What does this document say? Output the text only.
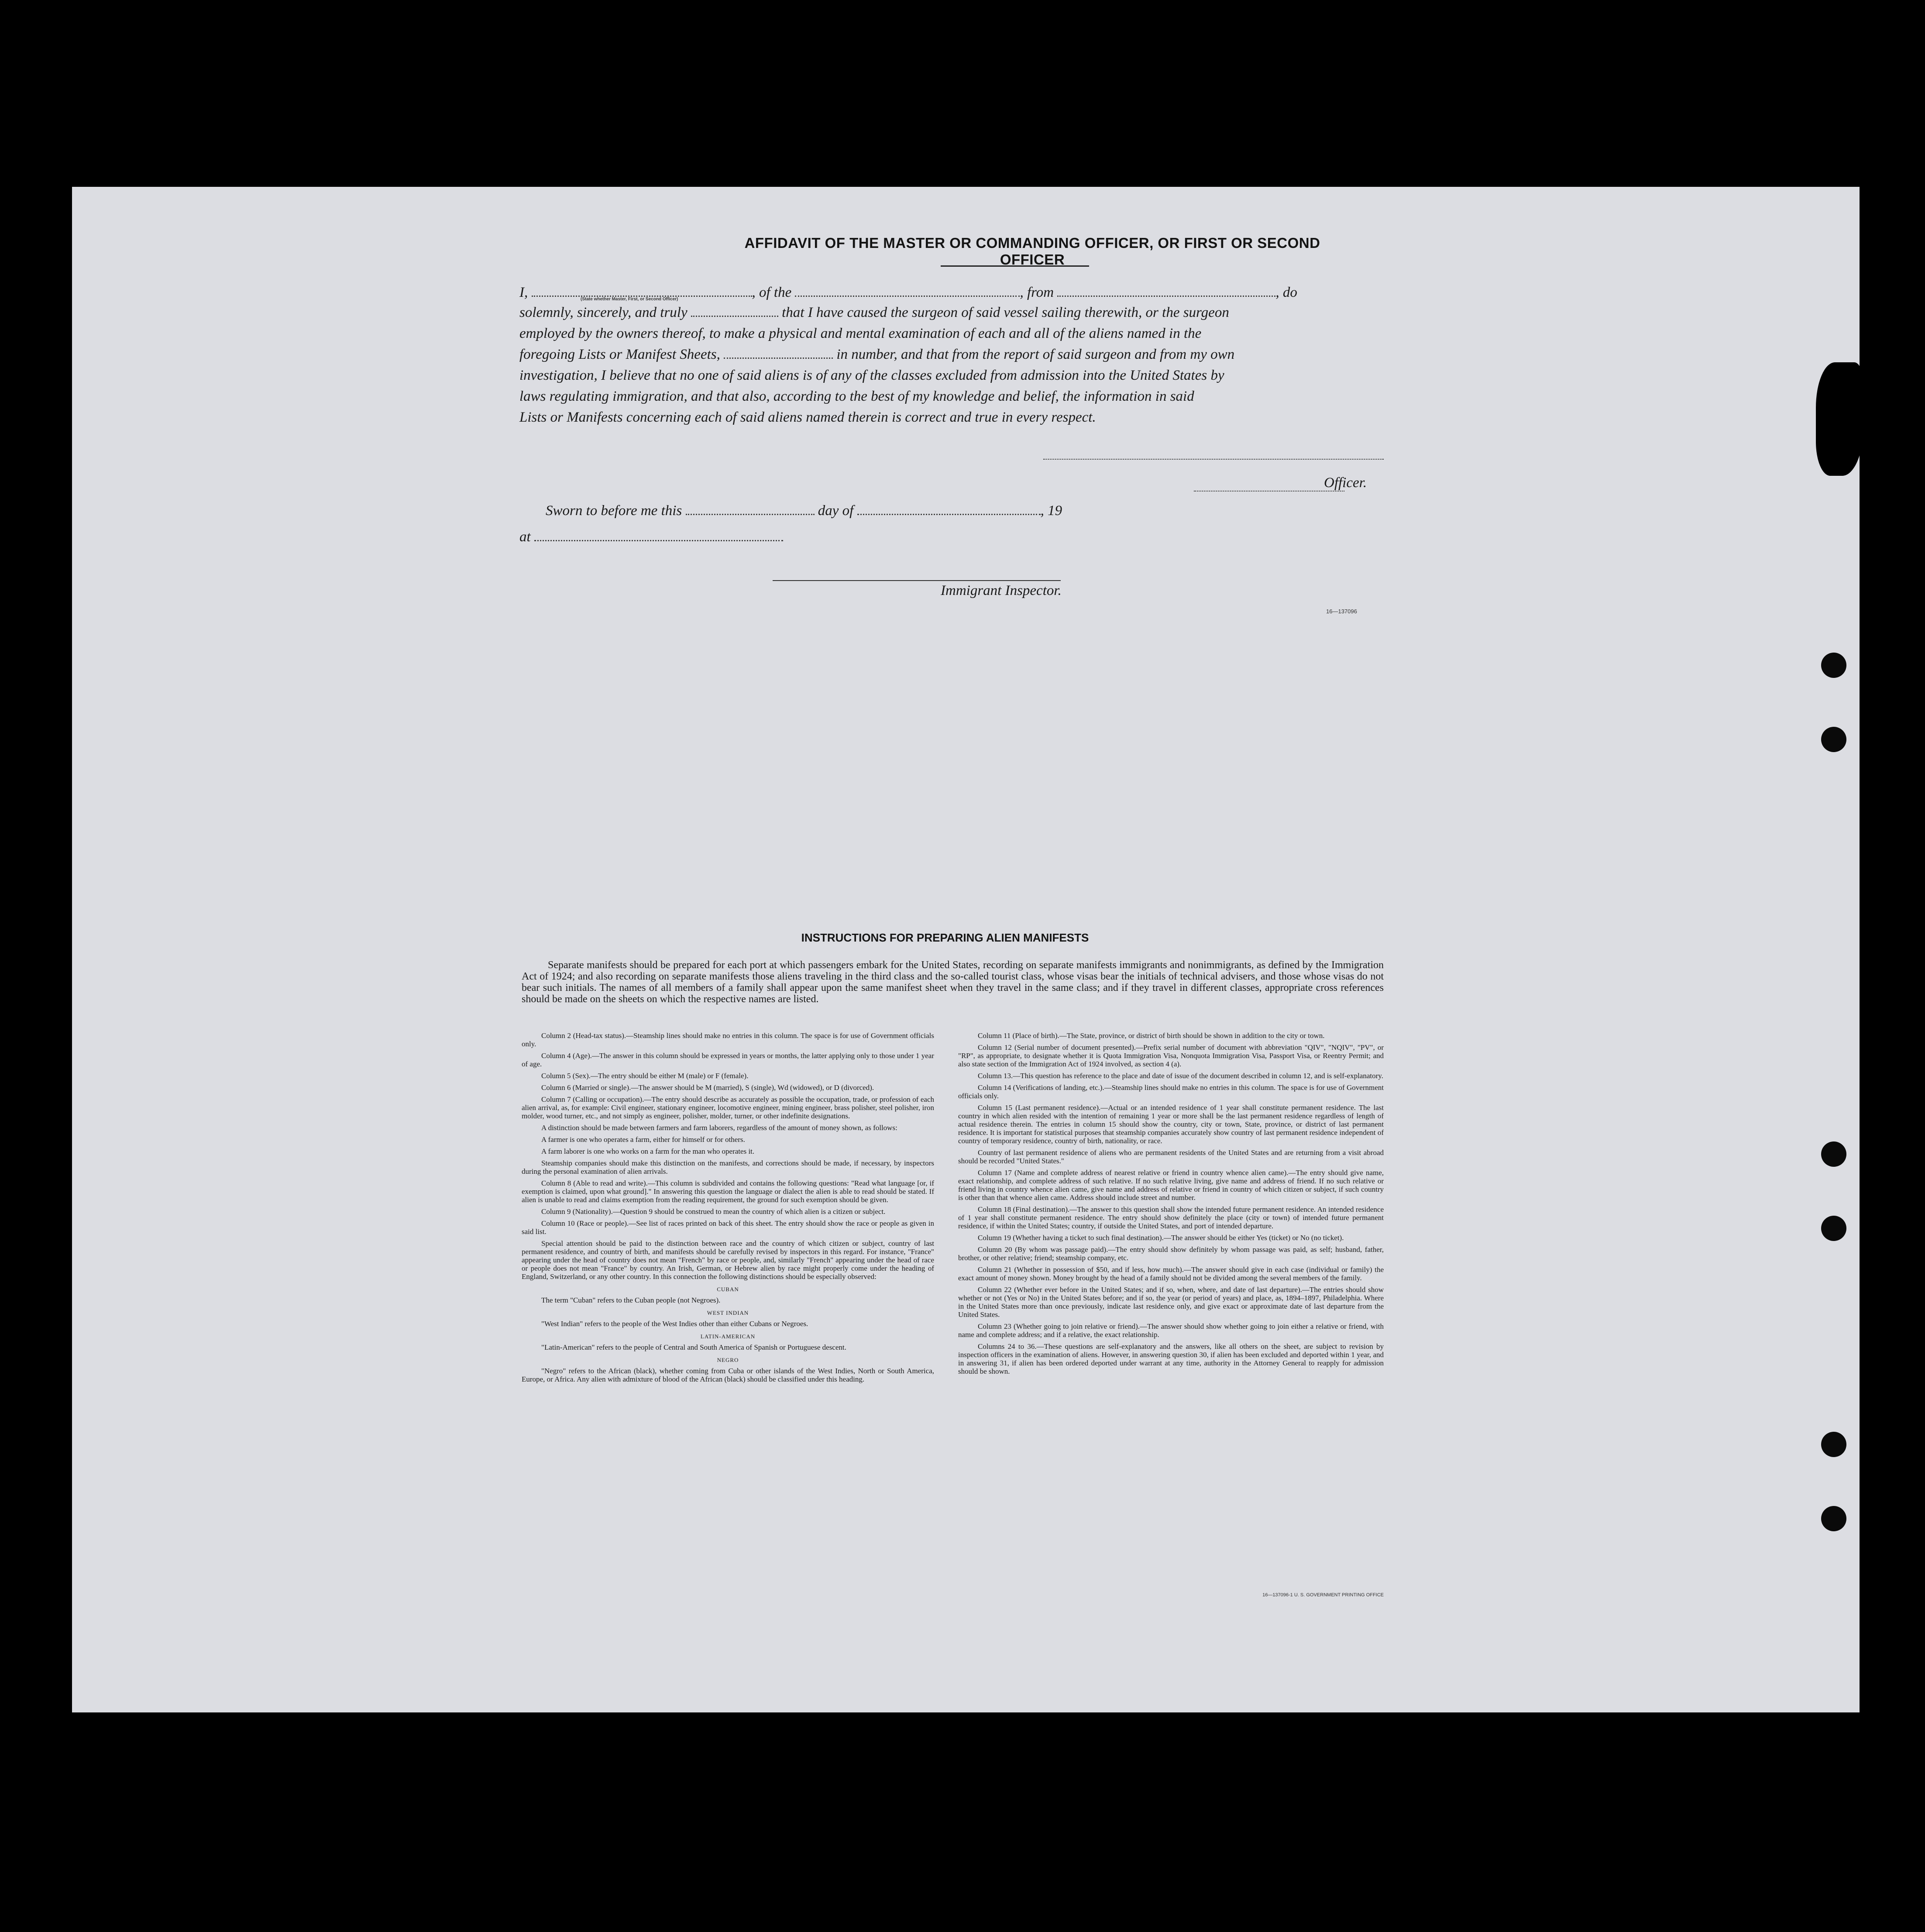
AFFIDAVIT OF THE MASTER OR COMMANDING OFFICER, OR FIRST OR SECOND OFFICER
I,	, of the	, from	, do
(State whether Master, First, or Second Officer)
solemnly, sincerely, and truly	that I have caused the surgeon of said vessel sailing therewith, or the surgeon
employed by the owners thereof, to make a physical and mental examination of each and all of the aliens named in the
foregoing Lists or Manifest Sheets,	in number, and that from the report of said surgeon and from my own
investigation, I believe that no one of said aliens is of any of the classes excluded from admission into the United States by
laws regulating immigration, and that also, according to the best of my knowledge and belief, the information in said
Lists or Manifests concerning each of said aliens named therein is correct and true in every respect.
Officer.
Sworn to before me this	day of	, 19
at
Immigrant Inspector.
16—137096
INSTRUCTIONS FOR PREPARING ALIEN MANIFESTS
Separate manifests should be prepared for each port at which passengers embark for the United States, recording on separate manifests immigrants and nonimmigrants, as defined by the Immigration Act of 1924; and also recording on separate manifests those aliens traveling in the third class and the so-called tourist class, whose visas bear the initials of technical advisers, and those whose visas do not bear such initials. The names of all members of a family shall appear upon the same manifest sheet when they travel in the same class; and if they travel in different classes, appropriate cross references should be made on the sheets on which the respective names are listed.

Column 2 (Head-tax status).—Steamship lines should make no entries in this column. The space is for use of Government officials only.

Column 4 (Age).—The answer in this column should be expressed in years or months, the latter applying only to those under 1 year of age.

Column 5 (Sex).—The entry should be either M (male) or F (female).

Column 6 (Married or single).—The answer should be M (married), S (single), Wd (widowed), or D (divorced).

Column 7 (Calling or occupation).—The entry should describe as accurately as possible the occupation, trade, or profession of each alien arrival, as, for example: Civil engineer, stationary engineer, locomotive engineer, mining engineer, brass polisher, steel polisher, iron molder, wood turner, etc., and not simply as engineer, polisher, molder, turner, or other indefinite designations.

A distinction should be made between farmers and farm laborers, regardless of the amount of money shown, as follows:

A farmer is one who operates a farm, either for himself or for others.

A farm laborer is one who works on a farm for the man who operates it.

Steamship companies should make this distinction on the manifests, and corrections should be made, if necessary, by inspectors during the personal examination of alien arrivals.

Column 8 (Able to read and write).—This column is subdivided and contains the following questions: "Read what language [or, if exemption is claimed, upon what ground]." In answering this question the language or dialect the alien is able to read should be stated. If alien is unable to read and claims exemption from the reading requirement, the ground for such exemption should be given.

Column 9 (Nationality).—Question 9 should be construed to mean the country of which alien is a citizen or subject.

Column 10 (Race or people).—See list of races printed on back of this sheet. The entry should show the race or people as given in said list.

Special attention should be paid to the distinction between race and the country of which citizen or subject, country of last permanent residence, and country of birth, and manifests should be carefully revised by inspectors in this regard. For instance, "France" appearing under the head of country does not mean "French" by race or people, and, similarly "French" appearing under the head of race or people does not mean "France" by country. An Irish, German, or Hebrew alien by race might properly come under the heading of England, Switzerland, or any other country. In this connection the following distinctions should be especially observed:

CUBAN

The term "Cuban" refers to the Cuban people (not Negroes).

WEST INDIAN

"West Indian" refers to the people of the West Indies other than either Cubans or Negroes.

LATIN-AMERICAN

"Latin-American" refers to the people of Central and South America of Spanish or Portuguese descent.

NEGRO

"Negro" refers to the African (black), whether coming from Cuba or other islands of the West Indies, North or South America, Europe, or Africa. Any alien with admixture of blood of the African (black) should be classified under this heading.

Column 11 (Place of birth).—The State, province, or district of birth should be shown in addition to the city or town.

Column 12 (Serial number of document presented).—Prefix serial number of document with abbreviation "QIV", "NQIV", "PV", or "RP", as appropriate, to designate whether it is Quota Immigration Visa, Nonquota Immigration Visa, Passport Visa, or Reentry Permit; and also state section of the Immigration Act of 1924 involved, as section 4 (a).

Column 13.—This question has reference to the place and date of issue of the document described in column 12, and is self-explanatory.

Column 14 (Verifications of landing, etc.).—Steamship lines should make no entries in this column. The space is for use of Government officials only.

Column 15 (Last permanent residence).—Actual or an intended residence of 1 year shall constitute permanent residence. The last country in which alien resided with the intention of remaining 1 year or more shall be the last permanent residence regardless of length of actual residence therein. The entries in column 15 should show the country, city or town, State, province, or district of last permanent residence. It is important for statistical purposes that steamship companies accurately show country of last permanent residence independent of country of temporary residence, country of birth, nationality, or race.

Country of last permanent residence of aliens who are permanent residents of the United States and are returning from a visit abroad should be recorded "United States."

Column 17 (Name and complete address of nearest relative or friend in country whence alien came).—The entry should give name, exact relationship, and complete address of such relative. If no such relative living, give name and address of friend. If no such relative or friend living in country whence alien came, give name and address of relative or friend in country of which citizen or subject, if such country is other than that whence alien came. Address should include street and number.

Column 18 (Final destination).—The answer to this question shall show the intended future permanent residence. An intended residence of 1 year shall constitute permanent residence. The entry should show definitely the place (city or town) of intended future permanent residence, if within the United States; country, if outside the United States, and port of intended departure.

Column 19 (Whether having a ticket to such final destination).—The answer should be either Yes (ticket) or No (no ticket).

Column 20 (By whom was passage paid).—The entry should show definitely by whom passage was paid, as self; husband, father, brother, or other relative; friend; steamship company, etc.

Column 21 (Whether in possession of $50, and if less, how much).—The answer should give in each case (individual or family) the exact amount of money shown. Money brought by the head of a family should not be divided among the several members of the family.

Column 22 (Whether ever before in the United States; and if so, when, where, and date of last departure).—The entries should show whether or not (Yes or No) in the United States before; and if so, the year (or period of years) and place, as, 1894–1897, Philadelphia. Where in the United States more than once previously, indicate last residence only, and give exact or approximate date of last departure from the United States.

Column 23 (Whether going to join relative or friend).—The answer should show whether going to join either a relative or friend, with name and complete address; and if a relative, the exact relationship.

Columns 24 to 36.—These questions are self-explanatory and the answers, like all others on the sheet, are subject to revision by inspection officers in the examination of aliens. However, in answering question 30, if alien has been excluded and deported within 1 year, and in answering 31, if alien has been ordered deported under warrant at any time, authority in the Attorney General to reapply for admission should be shown.

16—137096-1 U. S. GOVERNMENT PRINTING OFFICE
